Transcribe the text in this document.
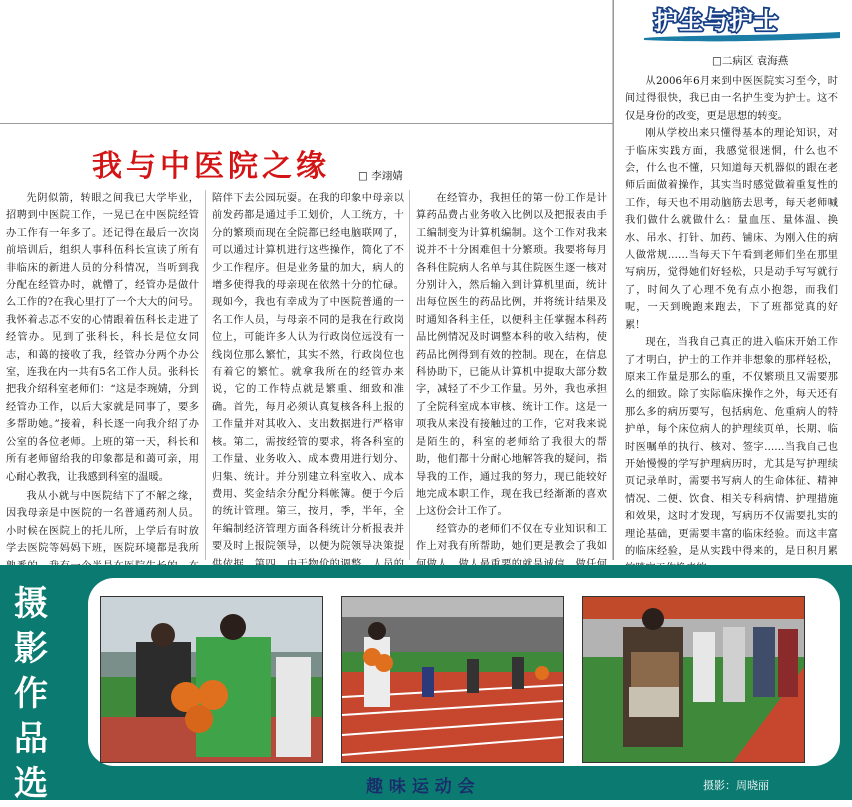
护生与护士
□二病区 袁海燕

从2006年6月来到中医医院实习至今，时间过得很快，我已由一名护生变为护士。这不仅是身份的改变，更是思想的转变。

刚从学校出来只懂得基本的理论知识，对于临床实践方面，我感觉很迷惘，什么也不会，什么也不懂，只知道每天机器似的跟在老师后面做着操作，其实当时感觉做着重复性的工作，每天也不用动脑筋去思考，每天老师喊我们做什么就做什么：量血压、量体温、换水、吊水、打针、加药、铺床、为刚入住的病人做常规……当每天下午看到老师们坐在那里写病历，觉得她们好轻松，只是动手写写就行了，时间久了心理不免有点小抱怨，而我们呢，一天到晚跑来跑去，下了班都觉真的好累！

现在，当我自己真正的进入临床开始工作了才明白，护士的工作并非想象的那样轻松，原来工作量是那么的重，不仅繁琐且又需要那么的细致。除了实际临床操作之外，每天还有那么多的病历要写，包括病危、危重病人的特护单，每个床位病人的护理续页单，长期、临时医嘱单的执行、核对、签字……当我自己也开始慢慢的学写护理病历时，尤其是写护理续页记录单时，需要书写病人的生命体征、精神情况、二便、饮食、相关专科病情、护理措施和效果，这时才发现，写病历不仅需要扎实的理论基础，更需要丰富的临床经验。而这丰富的临床经验，是从实践中得来的，是日积月累

我与中医院之缘	□ 李翊婧

先阴似箭，转眼之间我已大学毕业，招聘到中医院工作，一晃已在中医院经管办工作有一年多了。还记得在最后一次岗前培训后，组织人事科伍科长宣读了所有非临床的新进人员的分科情况，当听到我分配在经管办时，就懵了，经管办是做什么工作的?在我心里打了一个大大的问号。我怀着忐忑不安的心情跟着伍科长走进了经管办。见到了张科长，科长是位女同志，和蔼的接收了我，经管办分两个办公室，连我在内一共有5名工作人员。张科长把我介绍科室老师们：“这是李琬婧，分到经管办工作，以后大家就是同事了，要多多帮助她。”接着，科长逐一向我介绍了办公室的各位老师。上班的第一天，科长和所有老师留给我的印象都是和蔼可亲，用心耐心教我，让我感到科室的温暖。

我从小就与中医院结下了不解之缘，因我母亲是中医院的一名普通药剂人员。小时候在医院上的托儿所，上学后有时放学去医院等妈妈下班，医院环境都是我所

陪伴下去公园玩耍。在我的印象中母亲以前发药都是通过手工划价，人工统方，十分的繁琐而现在全院都已经电脑联网了，可以通过计算机进行这些操作，简化了不少工作程序。但是业务量的加大，病人的增多使得我的母亲现在依然十分的忙碌。现如今，我也有幸成为了中医院普通的一名工作人员，与母亲不同的是我在行政岗位上，可能许多人认为行政岗位远没有一线岗位那么繁忙，其实不然，行政岗位也有着它的繁忙。就拿我所在的经管办来说，它的工作特点就是繁重、细致和准确。首先，每月必须认真复核各科上报的工作量并对其收入、支出数据进行严格审核。第二，需按经管的要求，将各科室的工作量、业务收入、成本费用进行划分、归集、统计。并分别建立科室收入、成本费用、奖金结余分配分料帐簿。便于今后的统计管理。第三，按月，季，半年，全年编制经济管理方面各科统计分析报表并要及时上报院领导，以便为院领导决策提

在经管办，我担任的第一份工作是计算药品费占业务收入比例以及把报表由手工编制变为计算机编制。这个工作对我来说并不十分困难但十分繁琐。我要将每月各科住院病人名单与其住院医生逐一核对分别计入，然后输入到计算机里面，统计出每位医生的药品比例，并将统计结果及时通知各科主任，以便科主任掌握本科药品比例情况及时调整本科的收入结构，使药品比例得到有效的控制。现在，在信息科协助下，已能从计算机中提取大部分数字，减轻了不少工作量。另外，我也承担了全院科室成本审核、统计工作。这是一项我从来没有接触过的工作，它对我来说是陌生的，科室的老师给了我很大的帮助，他们都十分耐心地解答我的疑问，指导我的工作，通过我的努力，现已能较好地完成本职工作，现在我已经渐渐的喜欢上这份会计工作了。

经管办的老师们不仅在专业知识和工作上对我有所帮助，她们更是教会了我如

摄
影
作
品
选	趣 味 运 动 会	摄影：周晓丽
